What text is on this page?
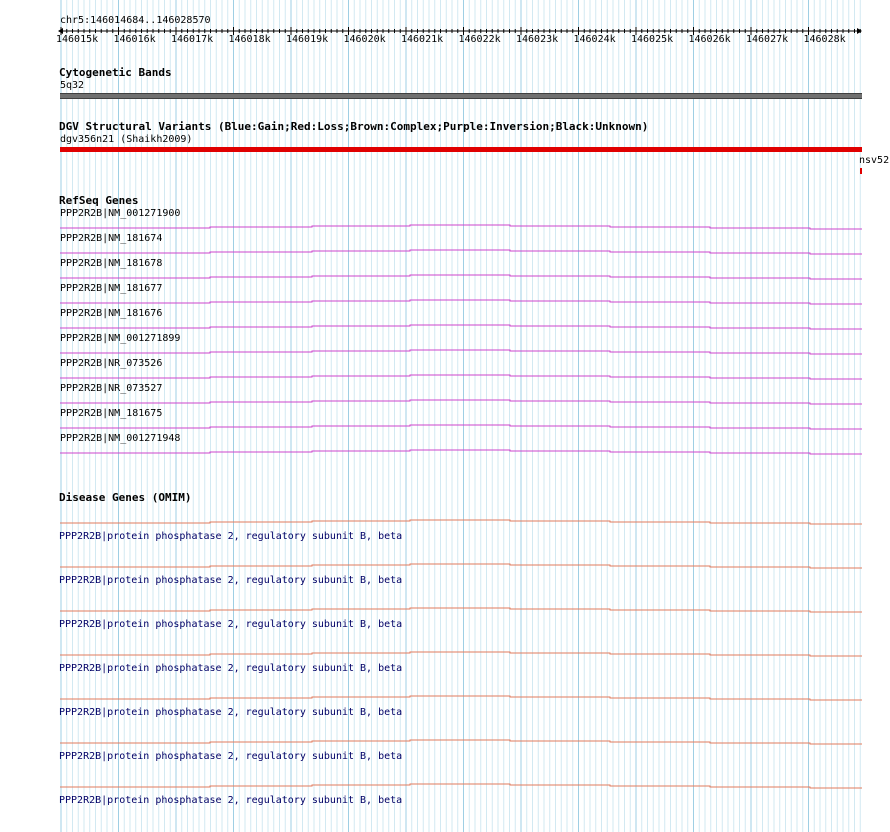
chr5:146014684..146028570
146015k 146016k 146017k 146018k 146019k 146020k 146021k 146022k 146023k 146024k 146025k 146026k 146027k 146028k
Cytogenetic Bands
5q32
DGV Structural Variants (Blue:Gain;Red:Loss;Brown:Complex;Purple:Inversion;Black:Unknown)
dgv356n21 (Shaikh2009)
nsv52
RefSeq Genes
PPP2R2B|NM_001271900
PPP2R2B|NM_181674
PPP2R2B|NM_181678
PPP2R2B|NM_181677
PPP2R2B|NM_181676
PPP2R2B|NM_001271899
PPP2R2B|NR_073526
PPP2R2B|NR_073527
PPP2R2B|NM_181675
PPP2R2B|NM_001271948
Disease Genes (OMIM)
PPP2R2B|protein phosphatase 2, regulatory subunit B, beta
PPP2R2B|protein phosphatase 2, regulatory subunit B, beta
PPP2R2B|protein phosphatase 2, regulatory subunit B, beta
PPP2R2B|protein phosphatase 2, regulatory subunit B, beta
PPP2R2B|protein phosphatase 2, regulatory subunit B, beta
PPP2R2B|protein phosphatase 2, regulatory subunit B, beta
PPP2R2B|protein phosphatase 2, regulatory subunit B, beta
